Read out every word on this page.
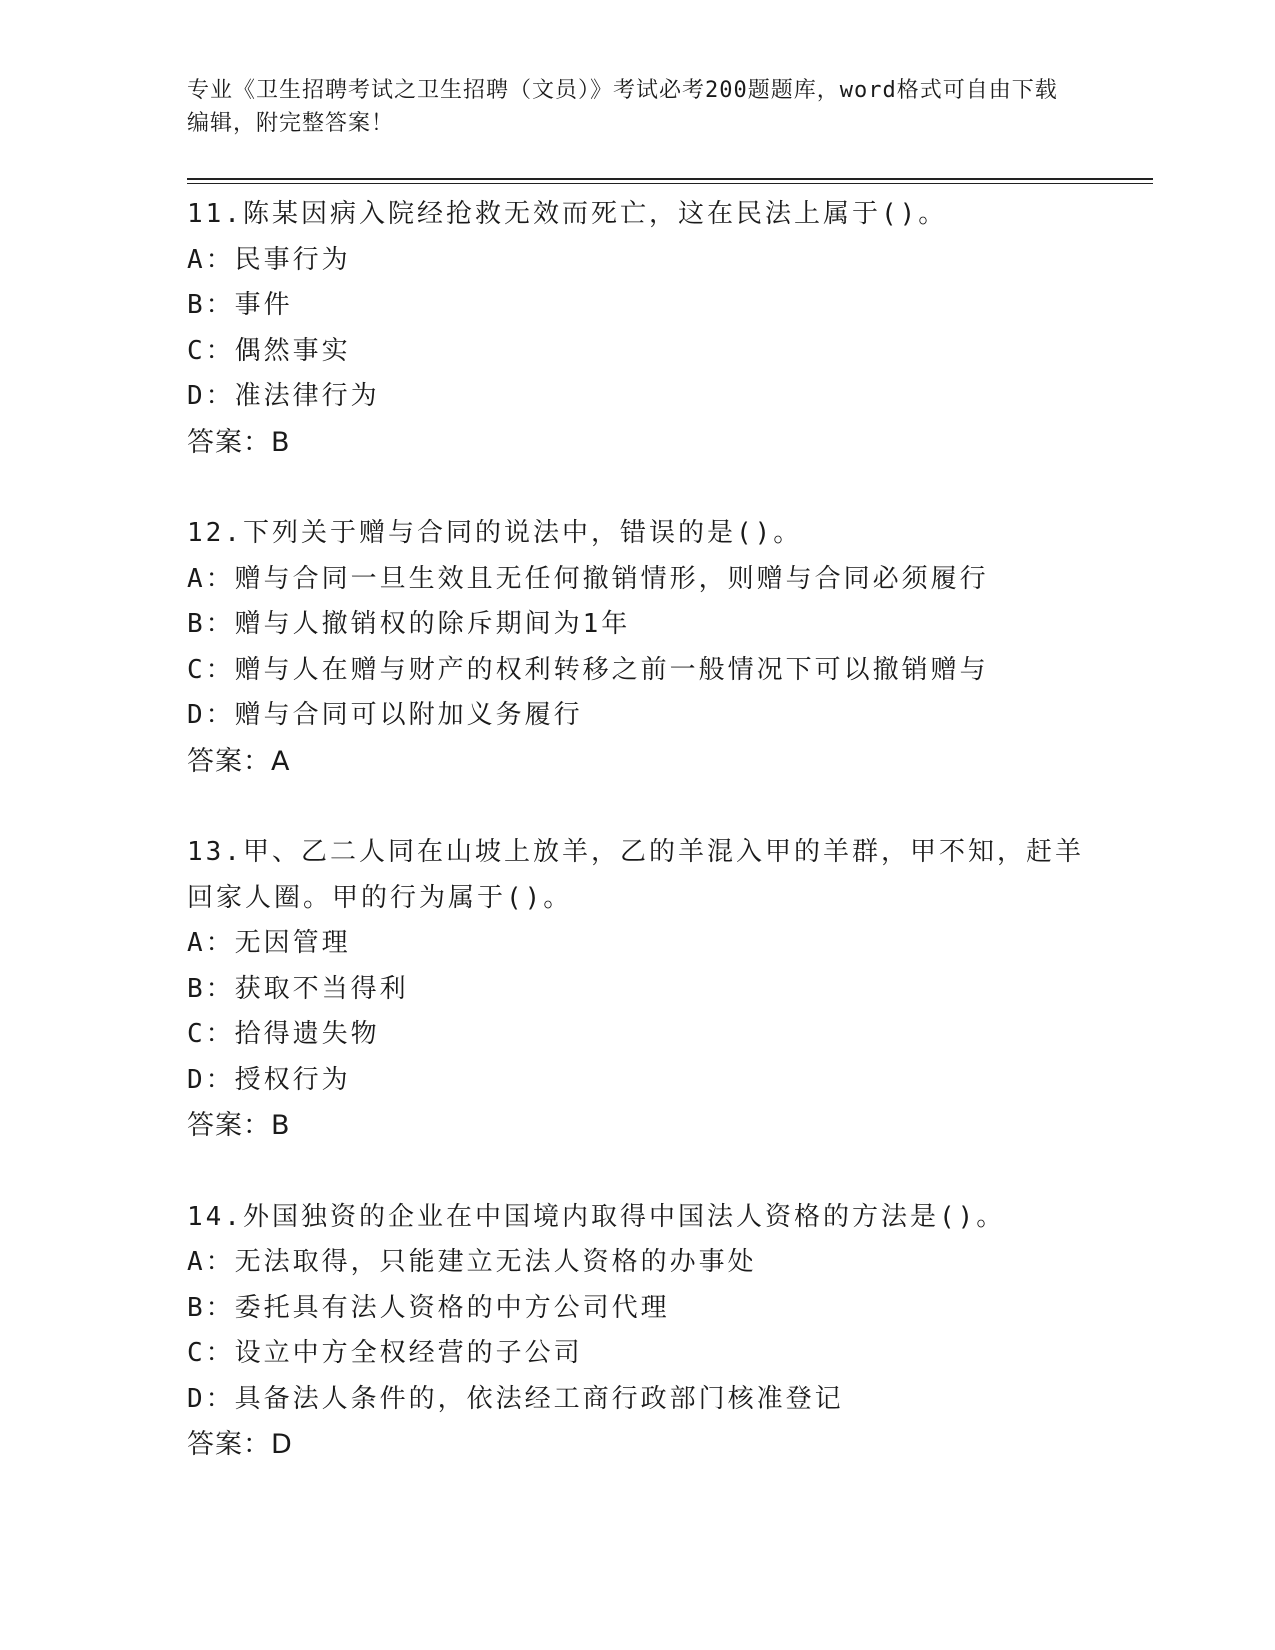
专业《卫生招聘考试之卫生招聘（文员）》考试必考200题题库，word格式可自由下载编辑，附完整答案！

11.陈某因病入院经抢救无效而死亡，这在民法上属于()。

A：民事行为

B：事件

C：偶然事实

D：准法律行为

答案：B

12.下列关于赠与合同的说法中，错误的是()。

A：赠与合同一旦生效且无任何撤销情形，则赠与合同必须履行

B：赠与人撤销权的除斥期间为1年

C：赠与人在赠与财产的权利转移之前一般情况下可以撤销赠与

D：赠与合同可以附加义务履行

答案：A

13.甲、乙二人同在山坡上放羊，乙的羊混入甲的羊群，甲不知，赶羊回家人圈。甲的行为属于()。

A：无因管理

B：获取不当得利

C：拾得遗失物

D：授权行为

答案：B

14.外国独资的企业在中国境内取得中国法人资格的方法是()。

A：无法取得，只能建立无法人资格的办事处

B：委托具有法人资格的中方公司代理

C：设立中方全权经营的子公司

D：具备法人条件的，依法经工商行政部门核准登记

答案：D
